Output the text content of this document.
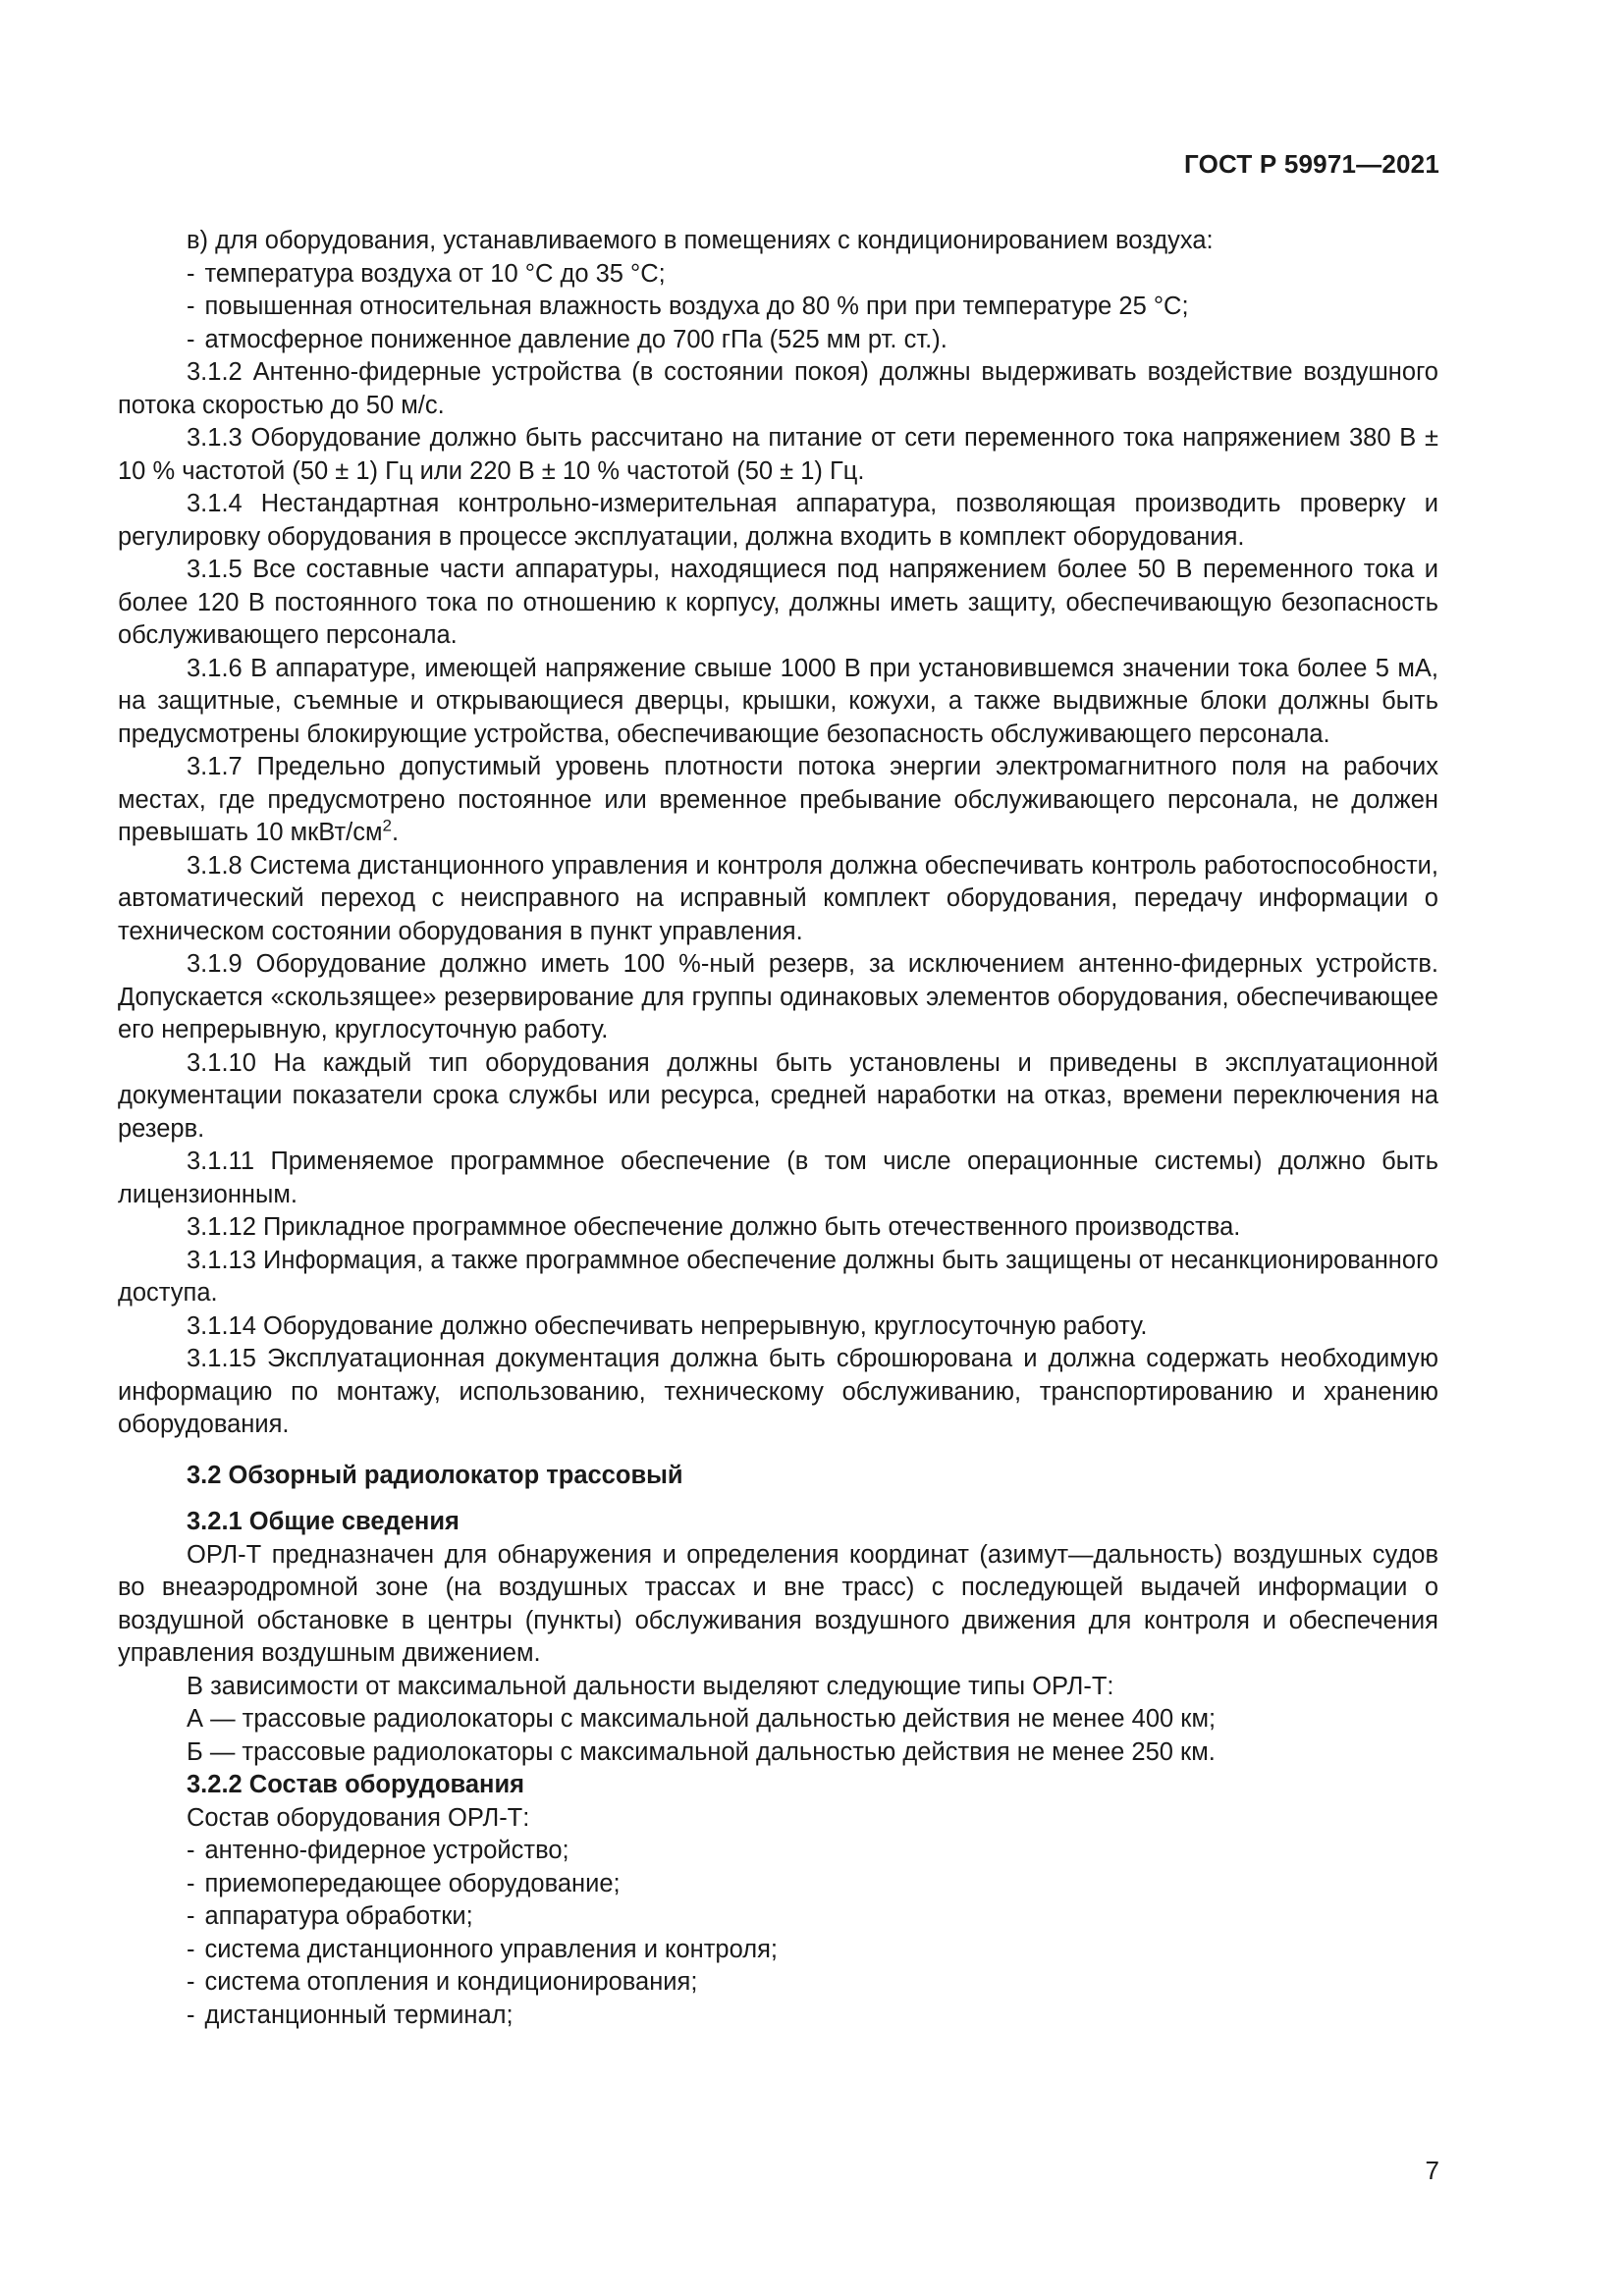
ГОСТ Р 59971—2021

в) для оборудования, устанавливаемого в помещениях с кондиционированием воздуха:

- температура воздуха от 10 °C до 35 °C;

- повышенная относительная влажность воздуха до 80 % при при температуре 25 °C;

- атмосферное пониженное давление до 700 гПа (525 мм рт. ст.).

3.1.2 Антенно-фидерные устройства (в состоянии покоя) должны выдерживать воздействие воздушного потока скоростью до 50 м/с.

3.1.3 Оборудование должно быть рассчитано на питание от сети переменного тока напряжением 380 В ± 10 % частотой (50 ± 1) Гц или 220 В ± 10 % частотой (50 ± 1) Гц.

3.1.4 Нестандартная контрольно-измерительная аппаратура, позволяющая производить проверку и регулировку оборудования в процессе эксплуатации, должна входить в комплект оборудования.

3.1.5 Все составные части аппаратуры, находящиеся под напряжением более 50 В переменного тока и более 120 В постоянного тока по отношению к корпусу, должны иметь защиту, обеспечивающую безопасность обслуживающего персонала.

3.1.6 В аппаратуре, имеющей напряжение свыше 1000 В при установившемся значении тока более 5 мА, на защитные, съемные и открывающиеся дверцы, крышки, кожухи, а также выдвижные блоки должны быть предусмотрены блокирующие устройства, обеспечивающие безопасность обслуживающего персонала.

3.1.7 Предельно допустимый уровень плотности потока энергии электромагнитного поля на рабочих местах, где предусмотрено постоянное или временное пребывание обслуживающего персонала, не должен превышать 10 мкВт/$см^2$.

3.1.8 Система дистанционного управления и контроля должна обеспечивать контроль работоспособности, автоматический переход с неисправного на исправный комплект оборудования, передачу информации о техническом состоянии оборудования в пункт управления.

3.1.9 Оборудование должно иметь 100 %-ный резерв, за исключением антенно-фидерных устройств. Допускается «скользящее» резервирование для группы одинаковых элементов оборудования, обеспечивающее его непрерывную, круглосуточную работу.

3.1.10 На каждый тип оборудования должны быть установлены и приведены в эксплуатационной документации показатели срока службы или ресурса, средней наработки на отказ, времени переключения на резерв.

3.1.11 Применяемое программное обеспечение (в том числе операционные системы) должно быть лицензионным.

3.1.12 Прикладное программное обеспечение должно быть отечественного производства.

3.1.13 Информация, а также программное обеспечение должны быть защищены от несанкционированного доступа.

3.1.14 Оборудование должно обеспечивать непрерывную, круглосуточную работу.

3.1.15 Эксплуатационная документация должна быть сброшюрована и должна содержать необходимую информацию по монтажу, использованию, техническому обслуживанию, транспортированию и хранению оборудования.

3.2 Обзорный радиолокатор трассовый

3.2.1 Общие сведения

ОРЛ-Т предназначен для обнаружения и определения координат (азимут—дальность) воздушных судов во внеаэродромной зоне (на воздушных трассах и вне трасс) с последующей выдачей информации о воздушной обстановке в центры (пункты) обслуживания воздушного движения для контроля и обеспечения управления воздушным движением.

В зависимости от максимальной дальности выделяют следующие типы ОРЛ-Т:

А — трассовые радиолокаторы с максимальной дальностью действия не менее 400 км;

Б — трассовые радиолокаторы с максимальной дальностью действия не менее 250 км.

3.2.2 Состав оборудования

Состав оборудования ОРЛ-Т:

- антенно-фидерное устройство;

- приемопередающее оборудование;

- аппаратура обработки;

- система дистанционного управления и контроля;

- система отопления и кондиционирования;

- дистанционный терминал;

7
